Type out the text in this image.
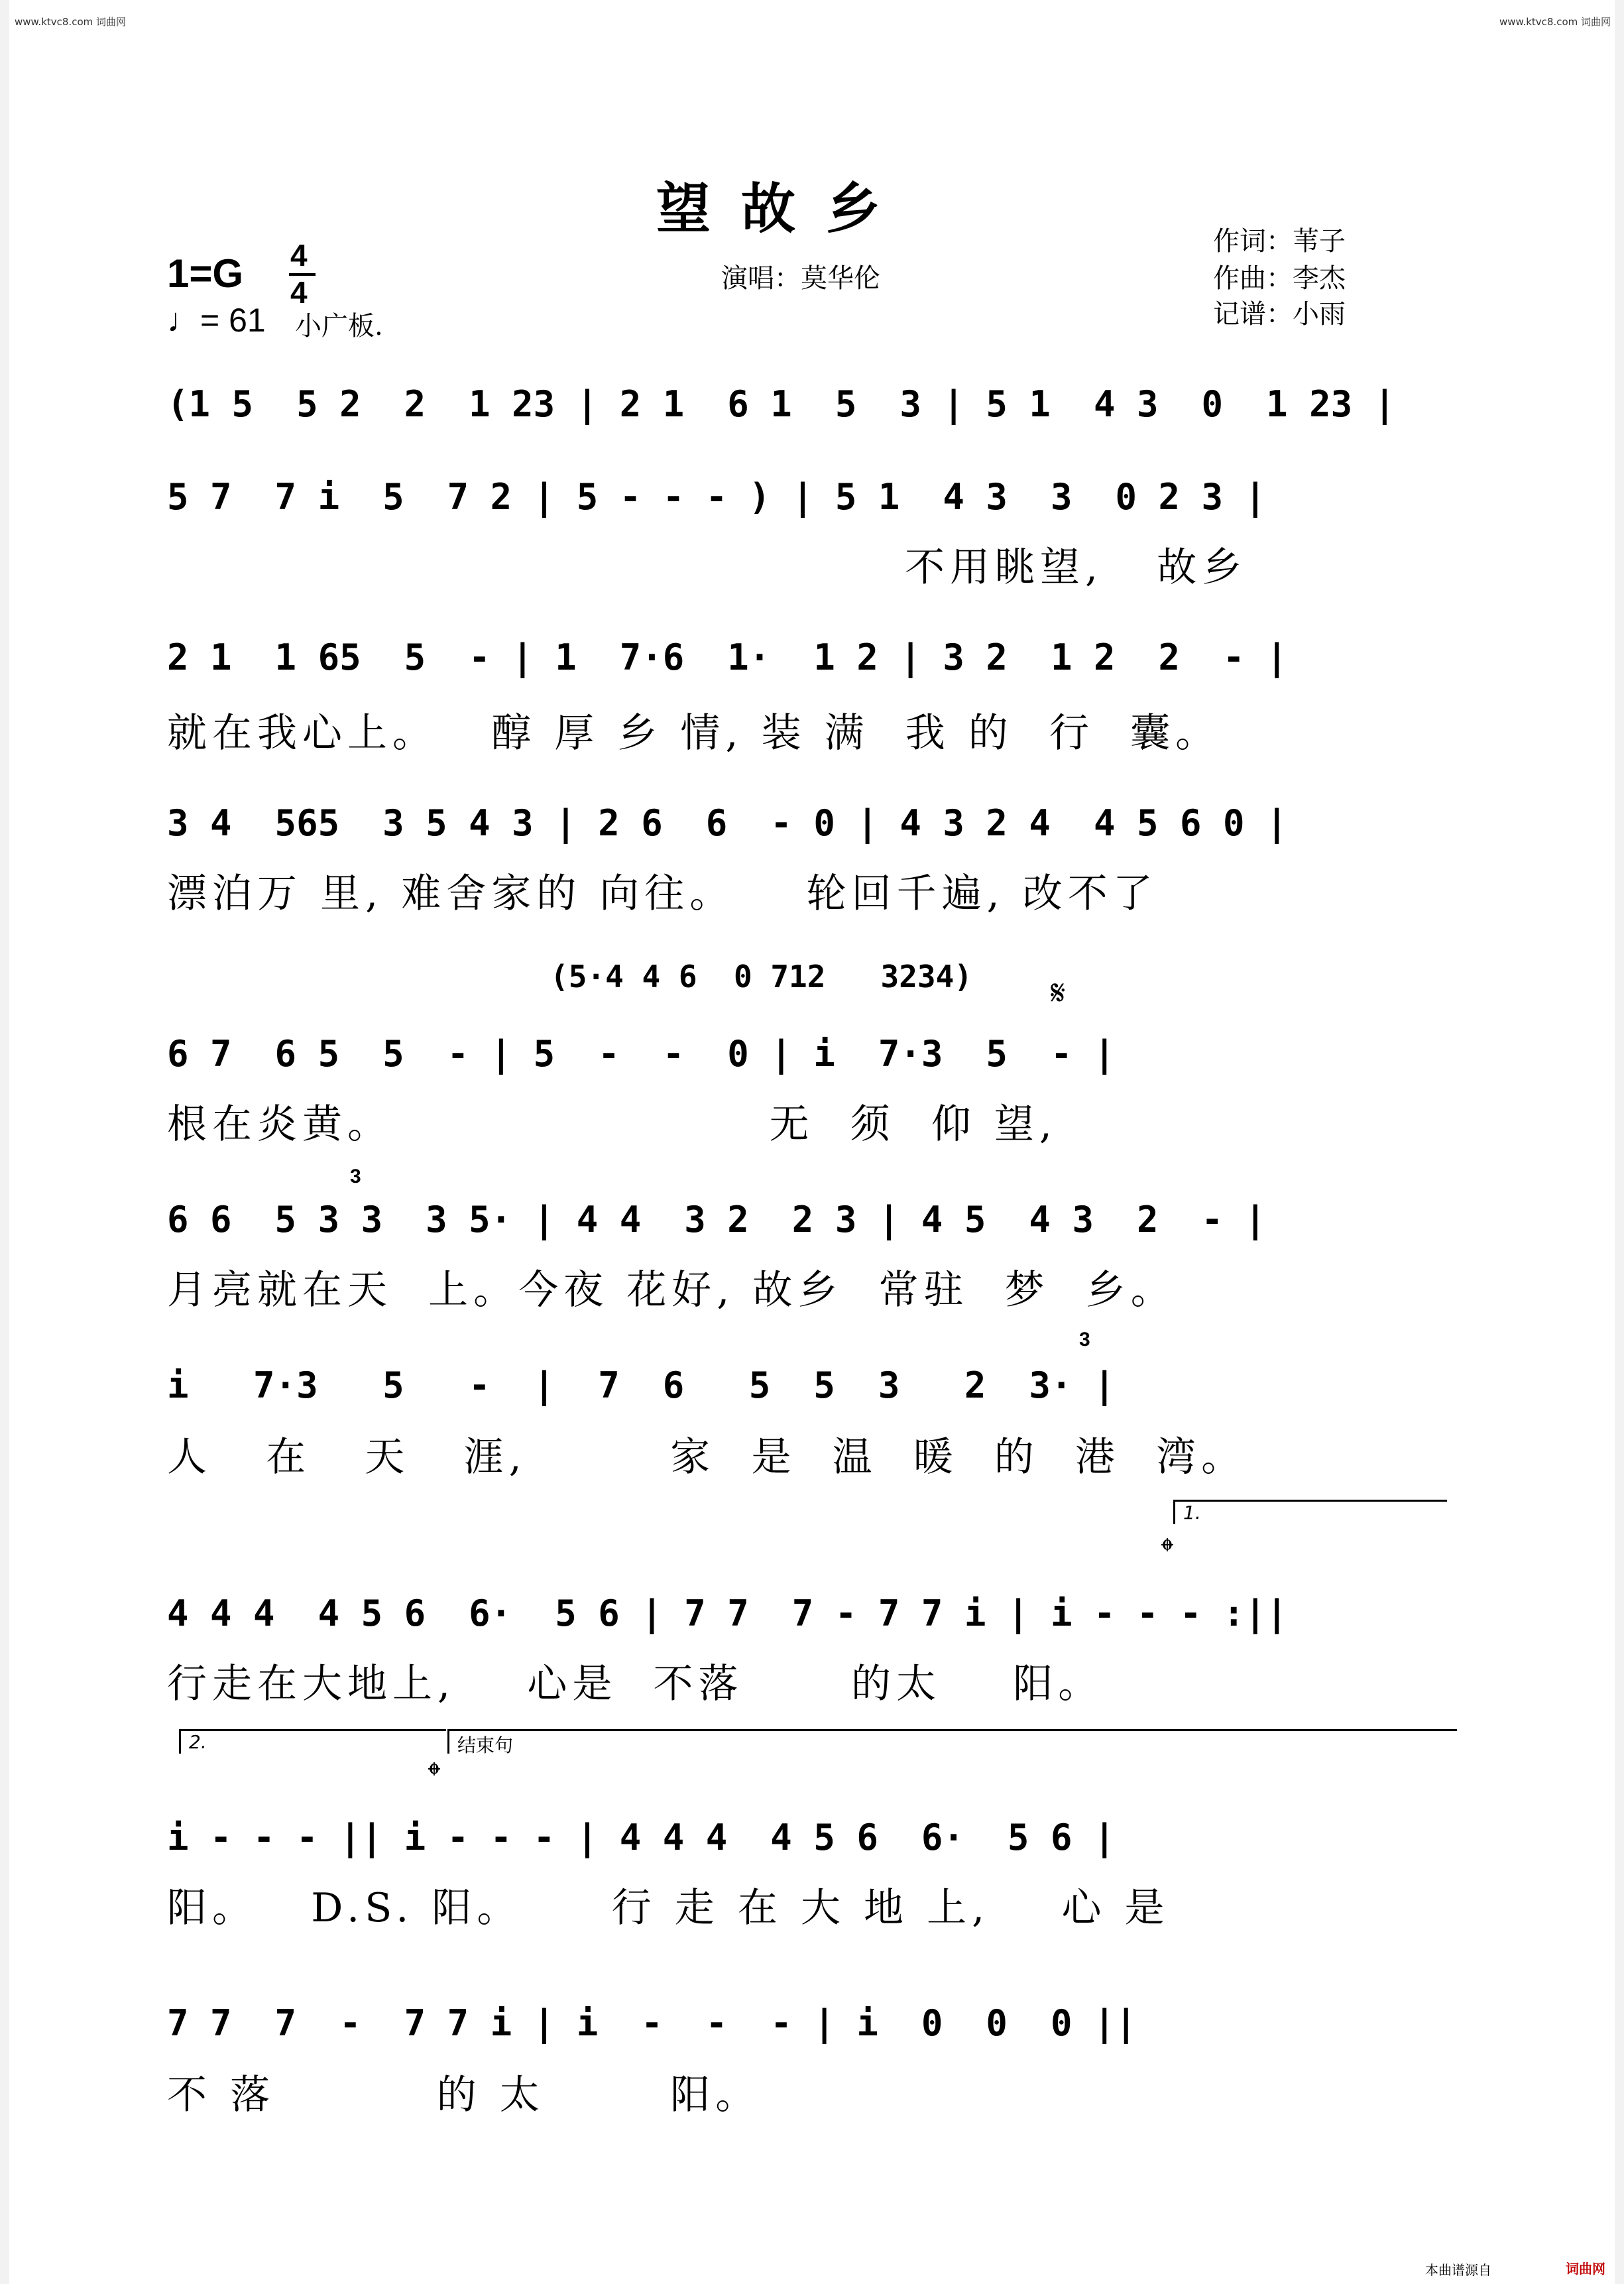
www.ktvc8.com 词曲网	www.ktvc8.com 词曲网
望故乡
1=G 4
4
♩= 61 小广板.
演唱：莫华伦
作词：苇子
作曲：李杰
记谱：小雨
(1 5  5 2  2  1 23 | 2 1  6 1  5  3 | 5 1  4 3  0  1 23 |
5 7  7 i  5  7 2 | 5 - - - ) | 5 1  4 3  3  0 2 3 |
不用眺望,   故乡
2 1  1 65  5  - | 1  7·6  1·  1 2 | 3 2  1 2  2  - |
就在我心上。   醇 厚 乡 情, 装 满  我 的  行  囊。
3 4  565  3 5 4 3 | 2 6  6  - 0 | 4 3 2 4  4 5 6 0 |
漂泊万 里, 难舍家的 向往。    轮回千遍, 改不了
(5·4 4 6  0 712   3234) 𝄋
6 7  6 5  5  - | 5  -  -  0 | i  7·3  5  - |
根在炎黄。                     无  须  仰 望,
3
6 6  5 3 3  3 5· | 4 4  3 2  2 3 | 4 5  4 3  2  - |
月亮就在天  上。今夜 花好, 故乡  常驻  梦  乡。
3
i   7·3   5   -  |  7  6   5  5  3   2  3· |
人   在   天   涯,        家  是  温  暖  的  港  湾。
1.
𝄌
4 4 4  4 5 6  6·  5 6 | 7 7  7 - 7 7 i | i - - - :||
行走在大地上,    心是  不落      的太    阳。
2.	结束句
𝄌
i - - - || i - - - | 4 4 4  4 5 6  6·  5 6 |
阳。   D.S. 阳。     行 走 在 大 地 上,    心 是
7 7  7  -  7 7 i | i  -  -  - | i  0  0  0 ||
不 落         的 太       阳。
本曲谱源自	词曲网
